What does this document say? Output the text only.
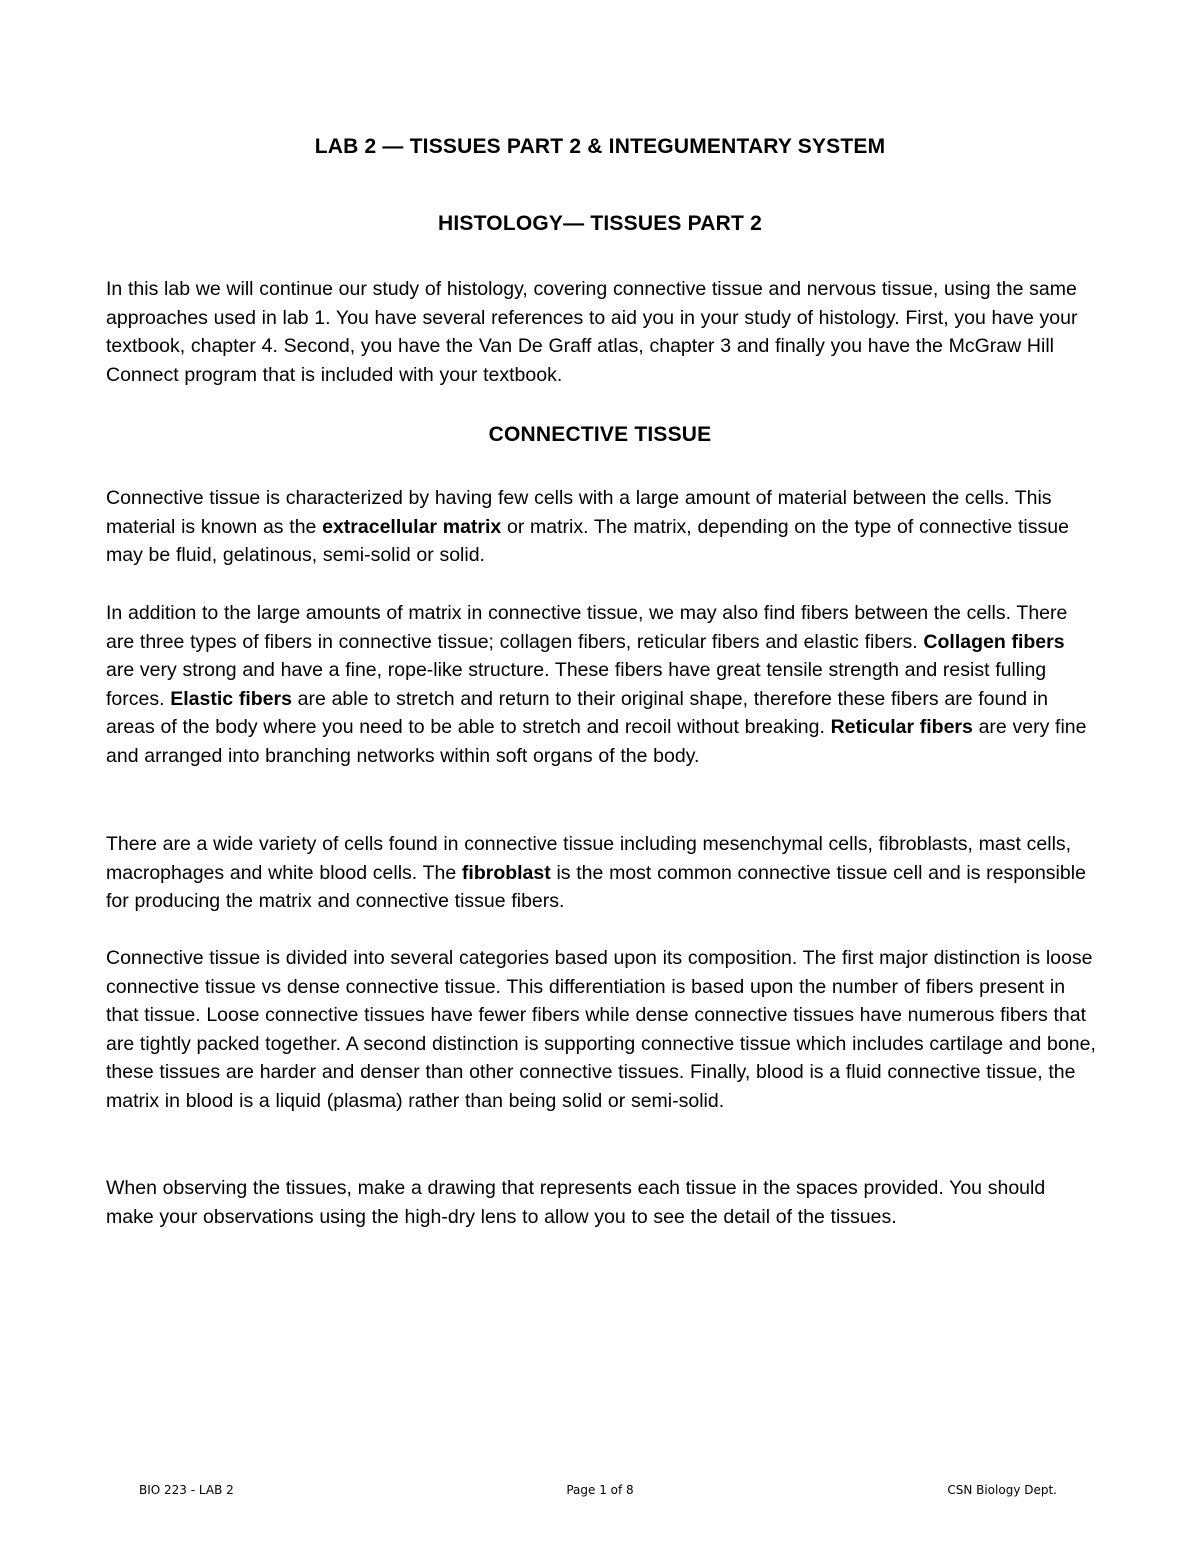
LAB 2 — TISSUES PART 2 & INTEGUMENTARY SYSTEM
HISTOLOGY— TISSUES PART 2

In this lab we will continue our study of histology, covering connective tissue and nervous tissue, using the same approaches used in lab 1. You have several references to aid you in your study of histology. First, you have your textbook, chapter 4. Second, you have the Van De Graff atlas, chapter 3 and finally you have the McGraw Hill Connect program that is included with your textbook.

CONNECTIVE TISSUE

Connective tissue is characterized by having few cells with a large amount of material between the cells. This material is known as the extracellular matrix or matrix. The matrix, depending on the type of connective tissue may be fluid, gelatinous, semi-solid or solid.

In addition to the large amounts of matrix in connective tissue, we may also find fibers between the cells. There are three types of fibers in connective tissue; collagen fibers, reticular fibers and elastic fibers. Collagen fibers are very strong and have a fine, rope-like structure. These fibers have great tensile strength and resist fulling forces. Elastic fibers are able to stretch and return to their original shape, therefore these fibers are found in areas of the body where you need to be able to stretch and recoil without breaking. Reticular fibers are very fine and arranged into branching networks within soft organs of the body.

There are a wide variety of cells found in connective tissue including mesenchymal cells, fibroblasts, mast cells, macrophages and white blood cells. The fibroblast is the most common connective tissue cell and is responsible for producing the matrix and connective tissue fibers.

Connective tissue is divided into several categories based upon its composition. The first major distinction is loose connective tissue vs dense connective tissue. This differentiation is based upon the number of fibers present in that tissue. Loose connective tissues have fewer fibers while dense connective tissues have numerous fibers that are tightly packed together. A second distinction is supporting connective tissue which includes cartilage and bone, these tissues are harder and denser than other connective tissues. Finally, blood is a fluid connective tissue, the matrix in blood is a liquid (plasma) rather than being solid or semi-solid.

When observing the tissues, make a drawing that represents each tissue in the spaces provided. You should make your observations using the high-dry lens to allow you to see the detail of the tissues.

BIO 223 - LAB 2	Page 1 of 8	CSN Biology Dept.
